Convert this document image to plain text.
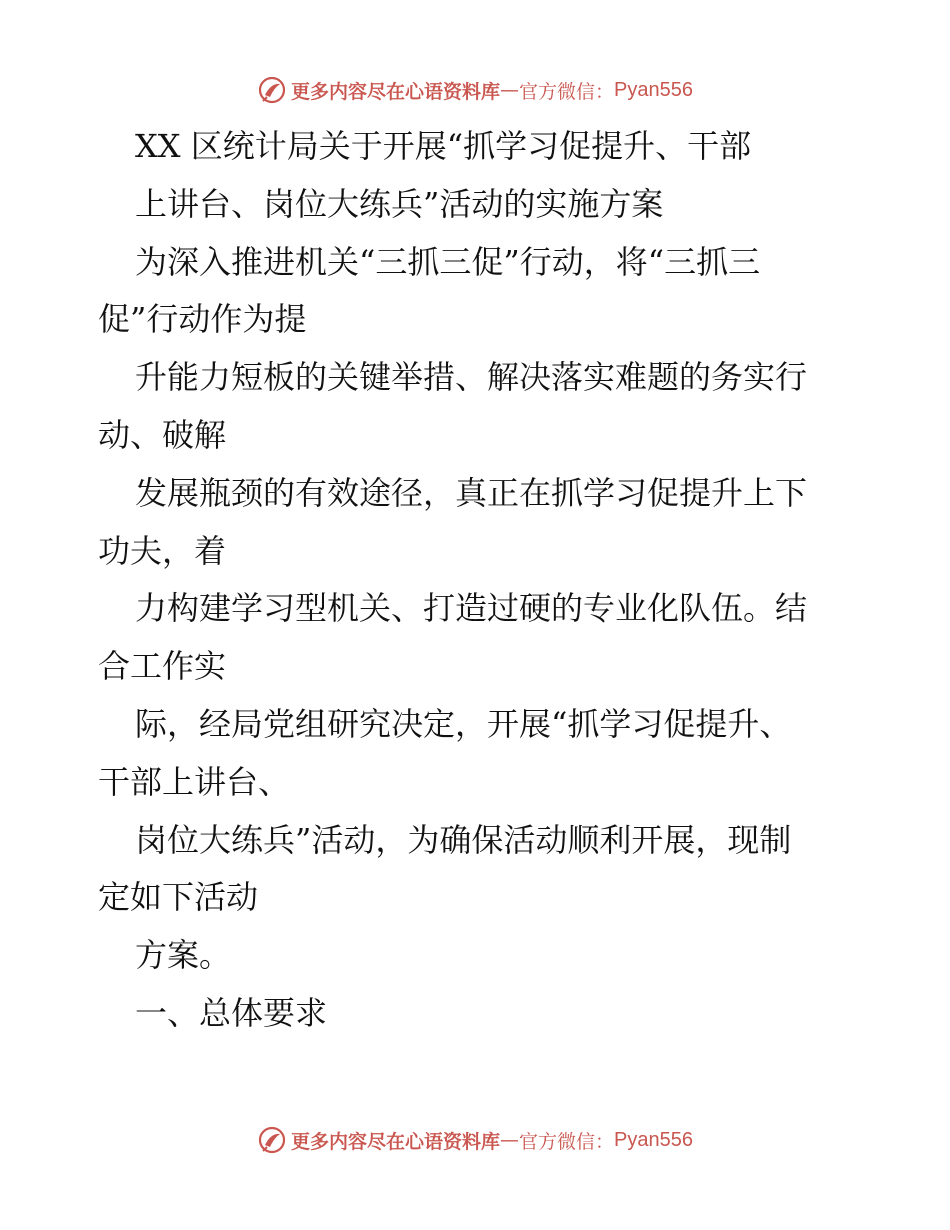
更多内容尽在心语资料库 — 官方微信： Pyan556
XX 区统计局关于开展“抓学习促提升、干部
上讲台、岗位大练兵”活动的实施方案
为深入推进机关“三抓三促”行动，将“三抓三
促”行动作为提
升能力短板的关键举措、解决落实难题的务实行
动、破解
发展瓶颈的有效途径，真正在抓学习促提升上下
功夫，着
力构建学习型机关、打造过硬的专业化队伍。结
合工作实
际，经局党组研究决定，开展“抓学习促提升、
干部上讲台、
岗位大练兵”活动，为确保活动顺利开展，现制
定如下活动
方案。
一、总体要求
更多内容尽在心语资料库 — 官方微信： Pyan556
